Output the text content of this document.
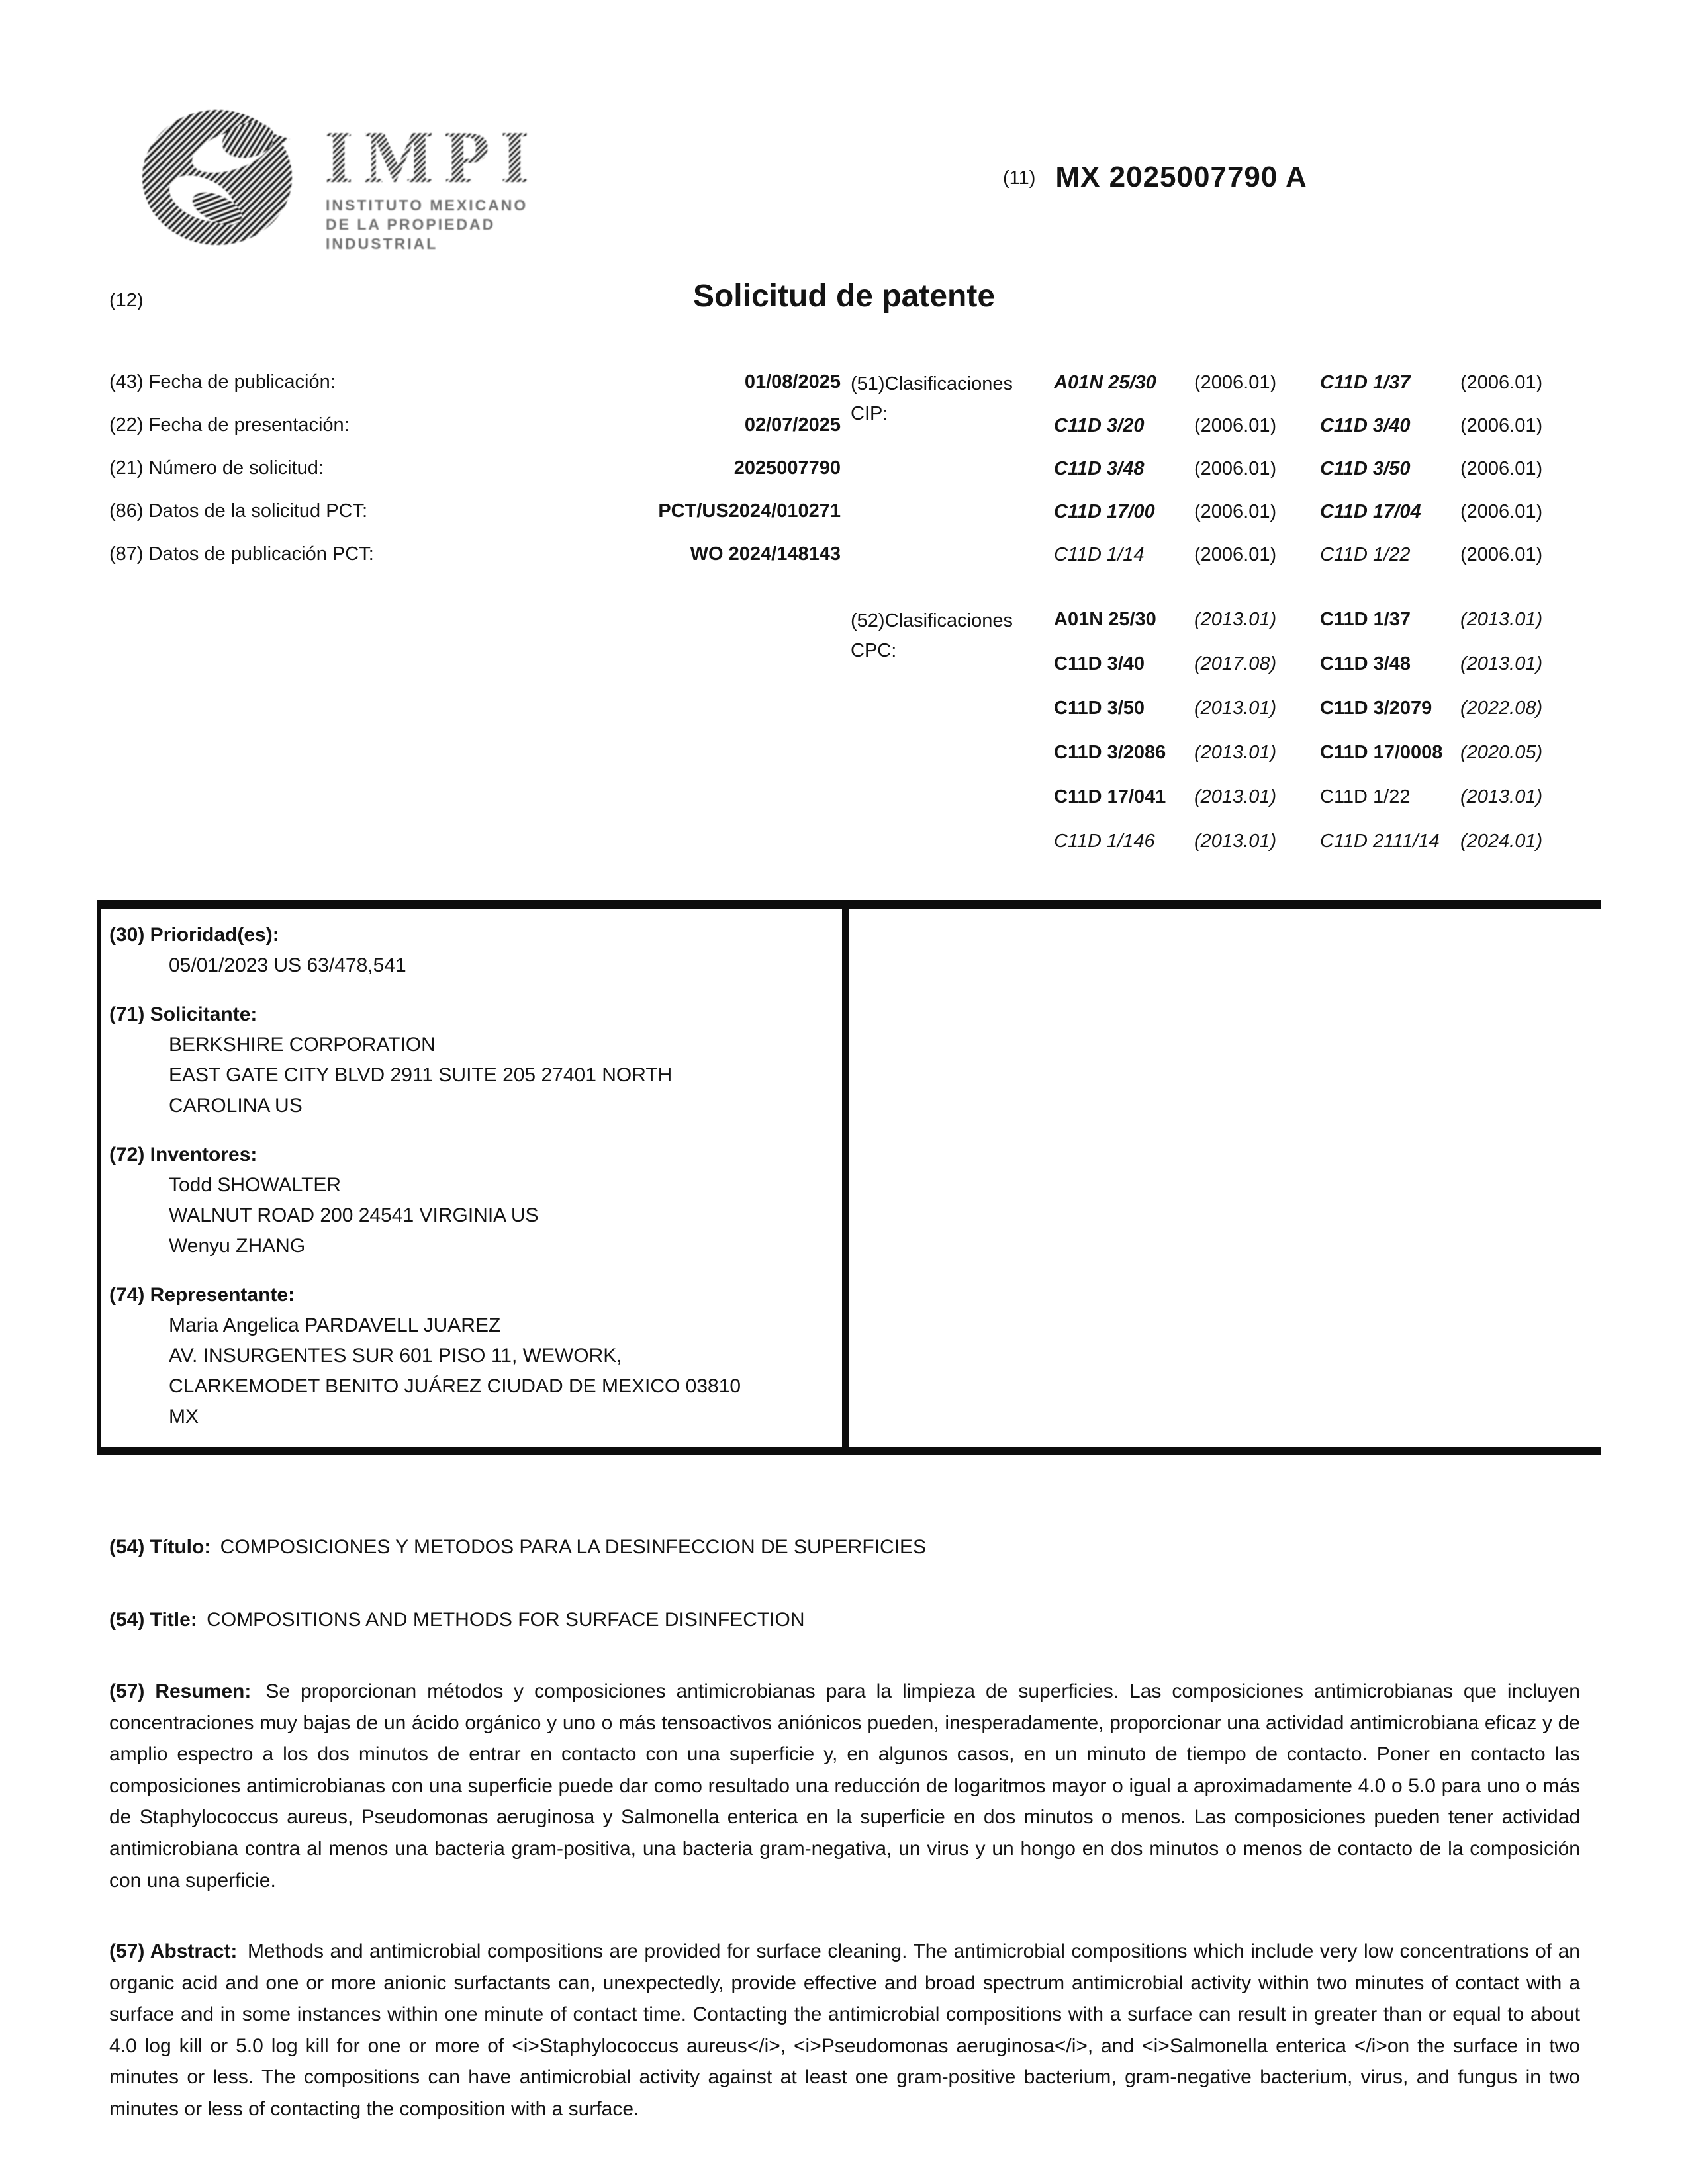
IMPI
INSTITUTO MEXICANO
DE LA PROPIEDAD
INDUSTRIAL
(11) MX 2025007790 A
(12)	Solicitud de patente
(43) Fecha de publicación:	01/08/2025
(22) Fecha de presentación:	02/07/2025
(21) Número de solicitud:	2025007790
(86) Datos de la solicitud PCT:	PCT/US2024/010271
(87) Datos de publicación PCT:	WO 2024/148143
(51)Clasificaciones
CIP:
A01N 25/30	(2006.01) C11D 1/37	(2006.01)
C11D 3/20	(2006.01) C11D 3/40	(2006.01)
C11D 3/48	(2006.01) C11D 3/50	(2006.01)
C11D 17/00	(2006.01) C11D 17/04	(2006.01)
C11D 1/14	(2006.01) C11D 1/22	(2006.01)
(52)Clasificaciones
CPC:
A01N 25/30	(2013.01) C11D 1/37	(2013.01)
C11D 3/40	(2017.08) C11D 3/48	(2013.01)
C11D 3/50	(2013.01) C11D 3/2079	(2022.08)
C11D 3/2086	(2013.01) C11D 17/0008 (2020.05)
C11D 17/041	(2013.01) C11D 1/22	(2013.01)
C11D 1/146	(2013.01) C11D 2111/14	(2024.01)
(30) Prioridad(es):
05/01/2023 US 63/478,541
(71) Solicitante:
BERKSHIRE CORPORATION
EAST GATE CITY BLVD 2911 SUITE 205 27401 NORTH
CAROLINA US
(72) Inventores:
Todd SHOWALTER
WALNUT ROAD 200 24541 VIRGINIA US
Wenyu ZHANG
(74) Representante:
Maria Angelica PARDAVELL JUAREZ
AV. INSURGENTES SUR 601 PISO 11, WEWORK,
CLARKEMODET BENITO JUÁREZ CIUDAD DE MEXICO 03810
MX
(54) Título: COMPOSICIONES Y METODOS PARA LA DESINFECCION DE SUPERFICIES
(54) Title: COMPOSITIONS AND METHODS FOR SURFACE DISINFECTION

(57) Resumen: Se proporcionan métodos y composiciones antimicrobianas para la limpieza de superficies. Las composiciones antimicrobianas que incluyen concentraciones muy bajas de un ácido orgánico y uno o más tensoactivos aniónicos pueden, inesperadamente, proporcionar una actividad antimicrobiana eficaz y de amplio espectro a los dos minutos de entrar en contacto con una superficie y, en algunos casos, en un minuto de tiempo de contacto. Poner en contacto las composiciones antimicrobianas con una superficie puede dar como resultado una reducción de logaritmos mayor o igual a aproximadamente 4.0 o 5.0 para uno o más de Staphylococcus aureus, Pseudomonas aeruginosa y Salmonella enterica en la superficie en dos minutos o menos. Las composiciones pueden tener actividad antimicrobiana contra al menos una bacteria gram-positiva, una bacteria gram-negativa, un virus y un hongo en dos minutos o menos de contacto de la composición con una superficie.

(57) Abstract: Methods and antimicrobial compositions are provided for surface cleaning. The antimicrobial compositions which include very low concentrations of an organic acid and one or more anionic surfactants can, unexpectedly, provide effective and broad spectrum antimicrobial activity within two minutes of contact with a surface and in some instances within one minute of contact time. Contacting the antimicrobial compositions with a surface can result in greater than or equal to about 4.0 log kill or 5.0 log kill for one or more of <i>Staphylococcus aureus</i>, <i>Pseudomonas aeruginosa</i>, and <i>Salmonella enterica </i>on the surface in two minutes or less. The compositions can have antimicrobial activity against at least one gram-positive bacterium, gram-negative bacterium, virus, and fungus in two minutes or less of contacting the composition with a surface.
